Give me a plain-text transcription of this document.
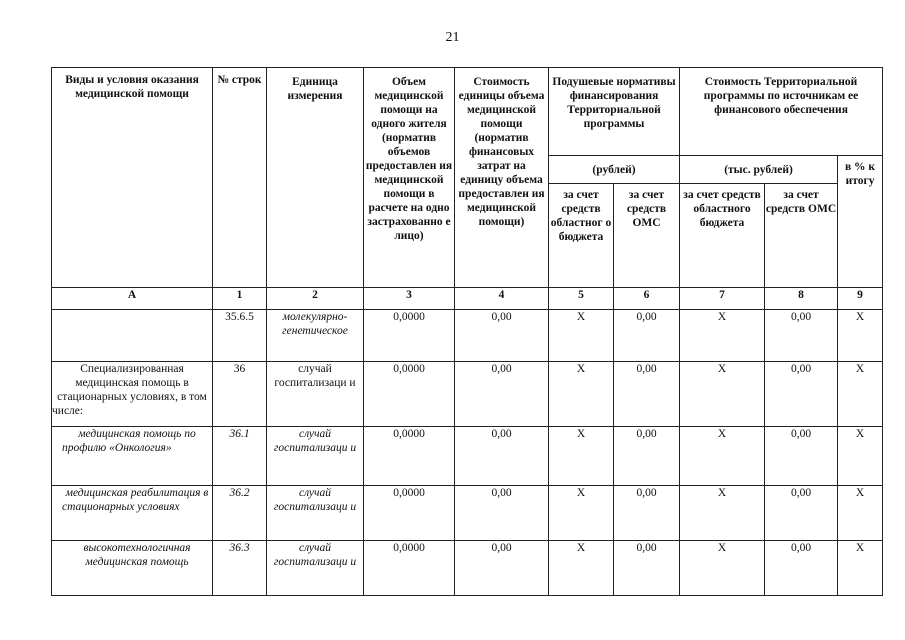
21
Виды и условия оказания медицинской помощи	№ строк	Единица измерения	Объем медицинской помощи на одного жителя (норматив объемов предоставлен ия медицинской помощи в расчете на одно застрахованно е лицо)	Стоимость единицы объема медицинской помощи (норматив финансовых затрат на единицу объема предоставлен ия медицинской помощи)	Подушевые нормативы финансирования Территориальной программы		Стоимость Территориальной программы по источникам ее финансового обеспечения		
					(рублей)		(тыс. рублей)		в % к итогу
					за счет средств областног о бюджета	за счет средств ОМС	за счет средств областного бюджета	за счет средств ОМС	
А	1	2	3	4	5	6	7	8	9
	35.6.5	молекулярно-генетическое	0,0000	0,00	Х	0,00	Х	0,00	Х
Специализированная медицинская помощь в стационарных условиях, в том числе:	36	случай госпитализаци и	0,0000	0,00	Х	0,00	Х	0,00	Х
медицинская помощь по профилю «Онкология»	36.1	случай госпитализаци и	0,0000	0,00	Х	0,00	Х	0,00	Х
медицинская реабилитация в стационарных условиях	36.2	случай госпитализаци и	0,0000	0,00	Х	0,00	Х	0,00	Х
высокотехнологичная медицинская помощь	36.3	случай госпитализаци и	0,0000	0,00	Х	0,00	Х	0,00	Х
